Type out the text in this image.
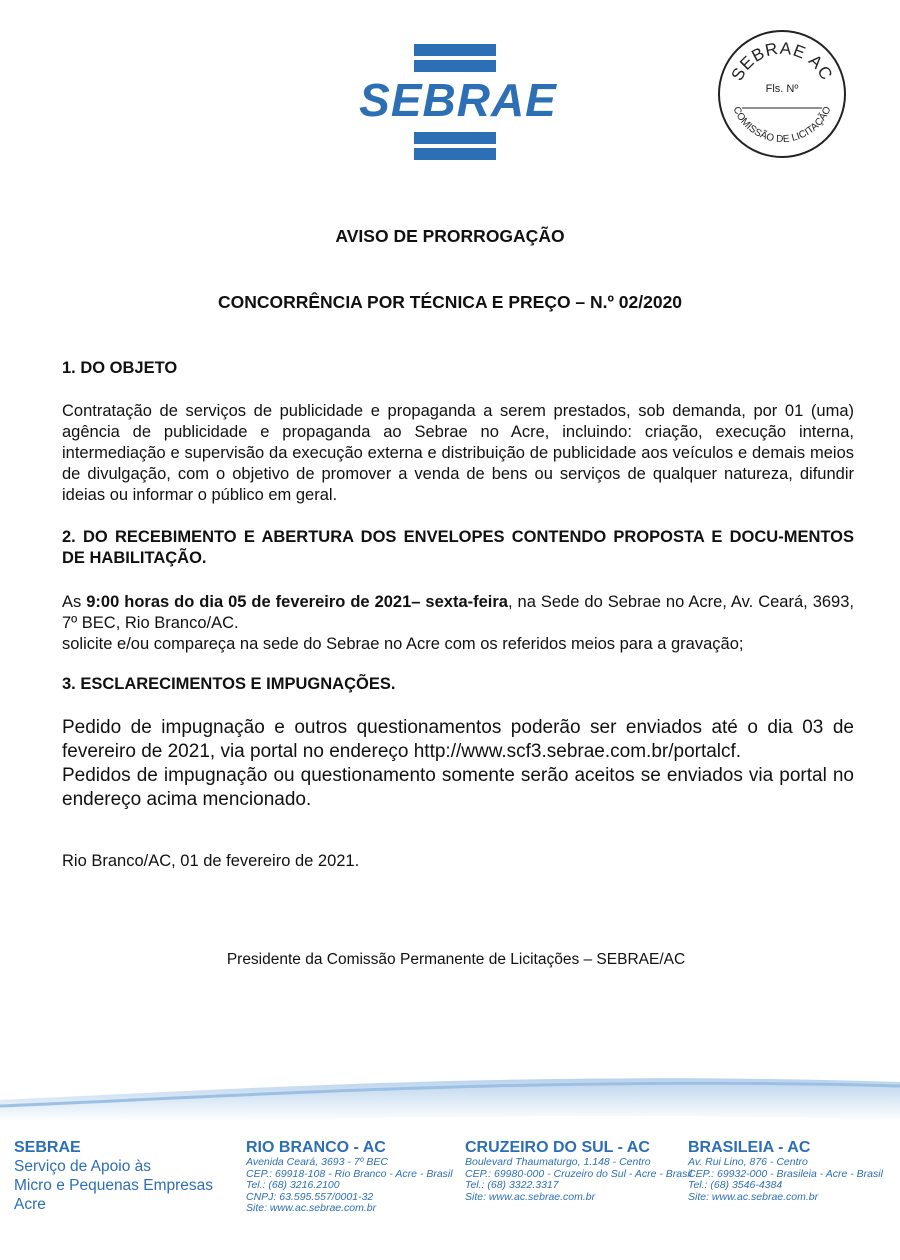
SEBRAE
SEBRAE AC
COMISSÃO DE LICITAÇÃO
Fls. Nº
AVISO DE PRORROGAÇÃO
CONCORRÊNCIA POR TÉCNICA E PREÇO – N.º 02/2020
1. DO OBJETO
Contratação de serviços de publicidade e propaganda a serem prestados, sob demanda, por 01 (uma) agência de publicidade e propaganda ao Sebrae no Acre, incluindo: criação, execução interna, intermediação e supervisão da execução externa e distribuição de publicidade aos veículos e demais meios de divulgação, com o objetivo de promover a venda de bens ou serviços de qualquer natureza, difundir ideias ou informar o público em geral.
2. DO RECEBIMENTO E ABERTURA DOS ENVELOPES CONTENDO PROPOSTA E DOCU-MENTOS DE HABILITAÇÃO.
As 9:00 horas do dia 05 de fevereiro de 2021– sexta-feira, na Sede do Sebrae no Acre, Av. Ceará, 3693, 7º BEC, Rio Branco/AC.
solicite e/ou compareça na sede do Sebrae no Acre com os referidos meios para a gravação;
3. ESCLARECIMENTOS E IMPUGNAÇÕES.
Pedido de impugnação e outros questionamentos poderão ser enviados até o dia 03 de fevereiro de 2021, via portal no endereço http://www.scf3.sebrae.com.br/portalcf.
Pedidos de impugnação ou questionamento somente serão aceitos se enviados via portal no endereço acima mencionado.
Rio Branco/AC, 01 de fevereiro de 2021.
Presidente da Comissão Permanente de Licitações – SEBRAE/AC
SEBRAE
Serviço de Apoio às
Micro e Pequenas Empresas
Acre
RIO BRANCO - AC
Avenida Ceará, 3693 - 7º BEC
CEP.: 69918-108 - Rio Branco - Acre - Brasil
Tel.: (68) 3216.2100
CNPJ: 63.595.557/0001-32
Site: www.ac.sebrae.com.br
CRUZEIRO DO SUL - AC
Boulevard Thaumaturgo, 1.148 - Centro
CEP.: 69980-000 - Cruzeiro do Sul - Acre - Brasil
Tel.: (68) 3322.3317
Site: www.ac.sebrae.com.br
BRASILEIA - AC
Av. Rui Lino, 876 - Centro
CEP.: 69932-000 - Brasileia - Acre - Brasil
Tel.: (68) 3546-4384
Site: www.ac.sebrae.com.br
